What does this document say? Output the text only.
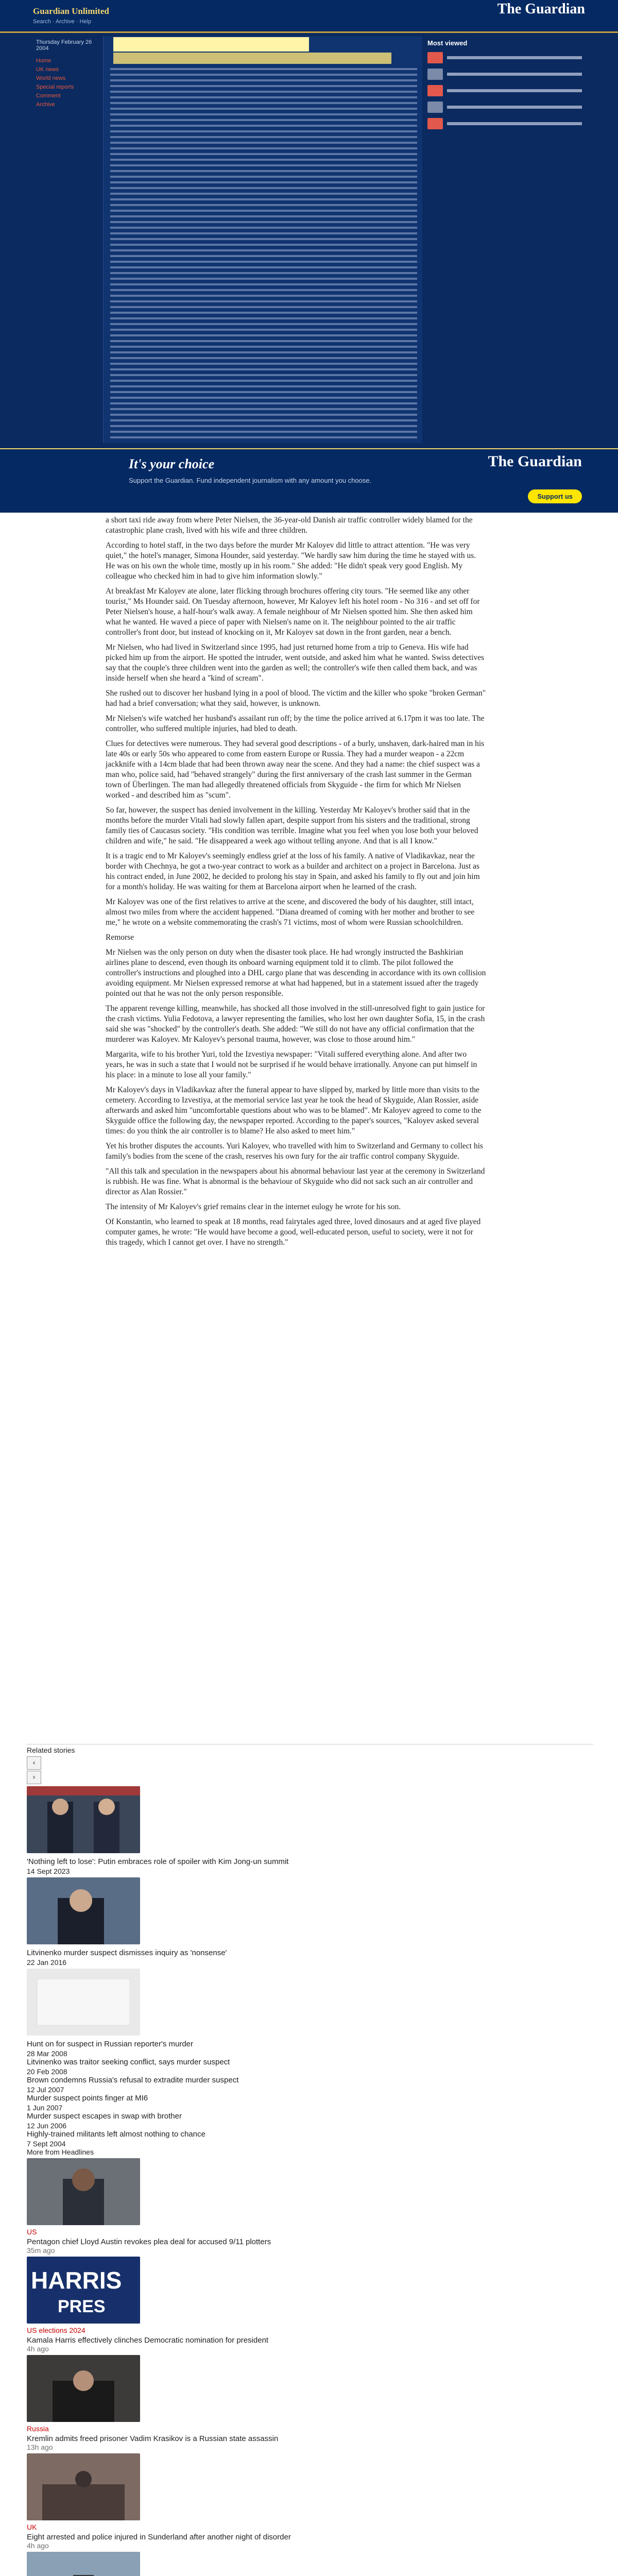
Guardian Unlimited
Search · Archive · Help
The Guardian
Thursday February 26 2004
Home
UK news
World news
Special reports
Comment
Archive
Most viewed
It's your choice
Support the Guardian. Fund independent journalism with any amount you choose.
The Guardian
Support us

a short taxi ride away from where Peter Nielsen, the 36-year-old Danish air traffic controller widely blamed for the catastrophic plane crash, lived with his wife and three children.

According to hotel staff, in the two days before the murder Mr Kaloyev did little to attract attention. "He was very quiet," the hotel's manager, Simona Hounder, said yesterday. "We hardly saw him during the time he stayed with us. He was on his own the whole time, mostly up in his room." She added: "He didn't speak very good English. My colleague who checked him in had to give him information slowly."

At breakfast Mr Kaloyev ate alone, later flicking through brochures offering city tours. "He seemed like any other tourist," Ms Hounder said. On Tuesday afternoon, however, Mr Kaloyev left his hotel room - No 316 - and set off for Peter Nielsen's house, a half-hour's walk away. A female neighbour of Mr Nielsen spotted him. She then asked him what he wanted. He waved a piece of paper with Nielsen's name on it. The neighbour pointed to the air traffic controller's front door, but instead of knocking on it, Mr Kaloyev sat down in the front garden, near a bench.

Mr Nielsen, who had lived in Switzerland since 1995, had just returned home from a trip to Geneva. His wife had picked him up from the airport. He spotted the intruder, went outside, and asked him what he wanted. Swiss detectives say that the couple's three children went into the garden as well; the controller's wife then called them back, and was inside herself when she heard a "kind of scream".

She rushed out to discover her husband lying in a pool of blood. The victim and the killer who spoke "broken German" had had a brief conversation; what they said, however, is unknown.

Mr Nielsen's wife watched her husband's assailant run off; by the time the police arrived at 6.17pm it was too late. The controller, who suffered multiple injuries, had bled to death.

Clues for detectives were numerous. They had several good descriptions - of a burly, unshaven, dark-haired man in his late 40s or early 50s who appeared to come from eastern Europe or Russia. They had a murder weapon - a 22cm jackknife with a 14cm blade that had been thrown away near the scene. And they had a name: the chief suspect was a man who, police said, had "behaved strangely" during the first anniversary of the crash last summer in the German town of Überlingen. The man had allegedly threatened officials from Skyguide - the firm for which Mr Nielsen worked - and described him as "scum".

So far, however, the suspect has denied involvement in the killing. Yesterday Mr Kaloyev's brother said that in the months before the murder Vitali had slowly fallen apart, despite support from his sisters and the traditional, strong family ties of Caucasus society. "His condition was terrible. Imagine what you feel when you lose both your beloved children and wife," he said. "He disappeared a week ago without telling anyone. And that is all I know."

It is a tragic end to Mr Kaloyev's seemingly endless grief at the loss of his family. A native of Vladikavkaz, near the border with Chechnya, he got a two-year contract to work as a builder and architect on a project in Barcelona. Just as his contract ended, in June 2002, he decided to prolong his stay in Spain, and asked his family to fly out and join him for a month's holiday. He was waiting for them at Barcelona airport when he learned of the crash.

Mr Kaloyev was one of the first relatives to arrive at the scene, and discovered the body of his daughter, still intact, almost two miles from where the accident happened. "Diana dreamed of coming with her mother and brother to see me," he wrote on a website commemorating the crash's 71 victims, most of whom were Russian schoolchildren.

Remorse

Mr Nielsen was the only person on duty when the disaster took place. He had wrongly instructed the Bashkirian airlines plane to descend, even though its onboard warning equipment told it to climb. The pilot followed the controller's instructions and ploughed into a DHL cargo plane that was descending in accordance with its own collision avoiding equipment. Mr Nielsen expressed remorse at what had happened, but in a statement issued after the tragedy pointed out that he was not the only person responsible.

The apparent revenge killing, meanwhile, has shocked all those involved in the still-unresolved fight to gain justice for the crash victims. Yulia Fedotova, a lawyer representing the families, who lost her own daughter Sofia, 15, in the crash said she was "shocked" by the controller's death. She added: "We still do not have any official confirmation that the murderer was Kaloyev. Mr Kaloyev's personal trauma, however, was close to those around him."

Margarita, wife to his brother Yuri, told the Izvestiya newspaper: "Vitali suffered everything alone. And after two years, he was in such a state that I would not be surprised if he would behave irrationally. Anyone can put himself in his place: in a minute to lose all your family."

Mr Kaloyev's days in Vladikavkaz after the funeral appear to have slipped by, marked by little more than visits to the cemetery. According to Izvestiya, at the memorial service last year he took the head of Skyguide, Alan Rossier, aside afterwards and asked him "uncomfortable questions about who was to be blamed". Mr Kaloyev agreed to come to the Skyguide office the following day, the newspaper reported. According to the paper's sources, "Kaloyev asked several times: do you think the air controller is to blame? He also asked to meet him."

Yet his brother disputes the accounts. Yuri Kaloyev, who travelled with him to Switzerland and Germany to collect his family's bodies from the scene of the crash, reserves his own fury for the air traffic control company Skyguide.

"All this talk and speculation in the newspapers about his abnormal behaviour last year at the ceremony in Switzerland is rubbish. He was fine. What is abnormal is the behaviour of Skyguide who did not sack such an air controller and director as Alan Rossier."

The intensity of Mr Kaloyev's grief remains clear in the internet eulogy he wrote for his son.

Of Konstantin, who learned to speak at 18 months, read fairytales aged three, loved dinosaurs and at aged five played computer games, he wrote: "He would have become a good, well-educated person, useful to society, were it not for this tragedy, which I cannot get over. I have no strength."

Related stories
‹
›
'Nothing left to lose': Putin embraces role of spoiler with Kim Jong-un summit
14 Sept 2023
Litvinenko murder suspect dismisses inquiry as 'nonsense'
22 Jan 2016
Hunt on for suspect in Russian reporter's murder
28 Mar 2008
Litvinenko was traitor seeking conflict, says murder suspect
20 Feb 2008
Brown condemns Russia's refusal to extradite murder suspect
12 Jul 2007
Murder suspect points finger at MI6
1 Jun 2007
Murder suspect escapes in swap with brother
12 Jun 2006
Highly-trained militants left almost nothing to chance
7 Sept 2004
More from Headlines
US
Pentagon chief Lloyd Austin revokes plea deal for accused 9/11 plotters
35m ago
HARRIS
PRES
US elections 2024
Kamala Harris effectively clinches Democratic nomination for president
4h ago
Russia
Kremlin admits freed prisoner Vadim Krasikov is a Russian state assassin
13h ago
UK
Eight arrested and police injured in Sunderland after another night of disorder
4h ago
